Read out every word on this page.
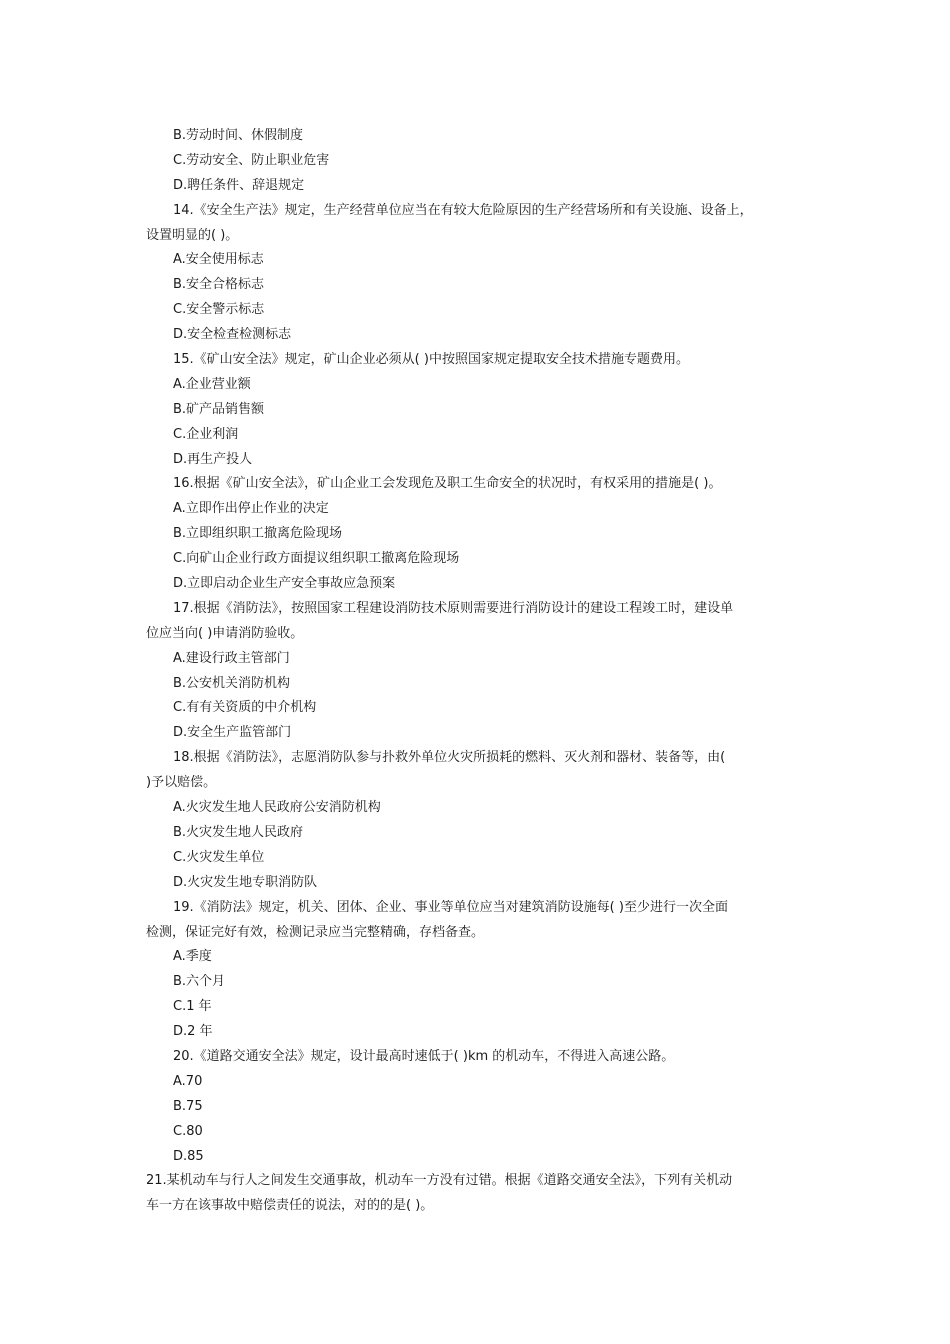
B.劳动时间、休假制度
C.劳动安全、防止职业危害
D.聘任条件、辞退规定
14.《安全生产法》规定，生产经营单位应当在有较大危险原因的生产经营场所和有关设施、设备上，
设置明显的( )。
A.安全使用标志
B.安全合格标志
C.安全警示标志
D.安全检查检测标志
15.《矿山安全法》规定，矿山企业必须从( )中按照国家规定提取安全技术措施专题费用。
A.企业营业额
B.矿产品销售额
C.企业利润
D.再生产投人
16.根据《矿山安全法》，矿山企业工会发现危及职工生命安全的状况时，有权采用的措施是( )。
A.立即作出停止作业的决定
B.立即组织职工撤离危险现场
C.向矿山企业行政方面提议组织职工撤离危险现场
D.立即启动企业生产安全事故应急预案
17.根据《消防法》，按照国家工程建设消防技术原则需要进行消防设计的建设工程竣工时，建设单
位应当向( )申请消防验收。
A.建设行政主管部门
B.公安机关消防机构
C.有有关资质的中介机构
D.安全生产监管部门
18.根据《消防法》，志愿消防队参与扑救外单位火灾所损耗的燃料、灭火剂和器材、装备等，由(
)予以赔偿。
A.火灾发生地人民政府公安消防机构
B.火灾发生地人民政府
C.火灾发生单位
D.火灾发生地专职消防队
19.《消防法》规定，机关、团体、企业、事业等单位应当对建筑消防设施每( )至少进行一次全面
检测，保证完好有效，检测记录应当完整精确，存档备查。
A.季度
B.六个月
C.1 年
D.2 年
20.《道路交通安全法》规定，设计最高时速低于( )km 的机动车，不得进入高速公路。
A.70
B.75
C.80
D.85
21.某机动车与行人之间发生交通事故，机动车一方没有过错。根据《道路交通安全法》，下列有关机动
车一方在该事故中赔偿责任的说法，对的的是( )。
